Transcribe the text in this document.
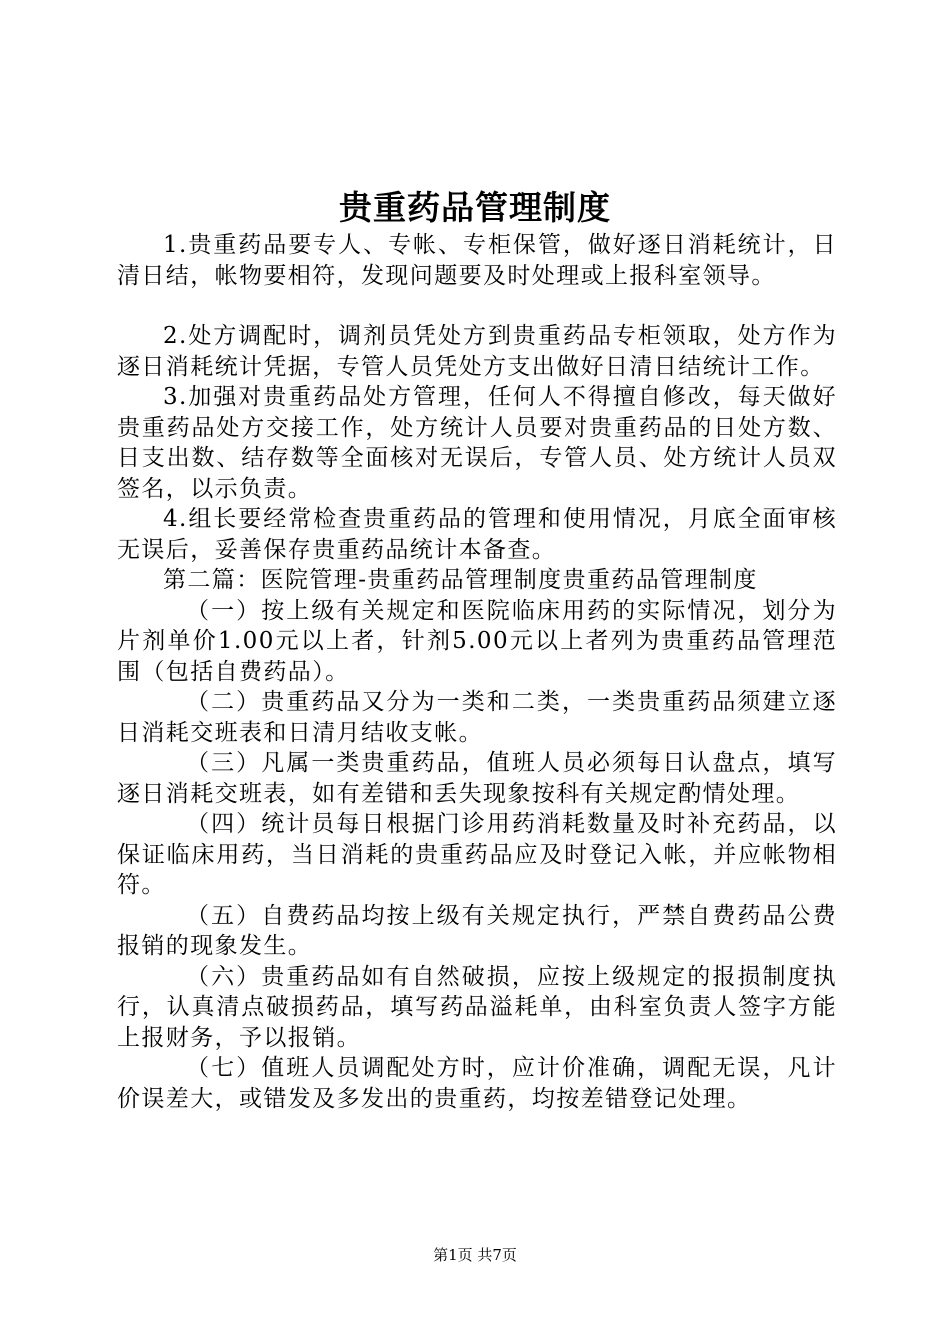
贵重药品管理制度

1.贵重药品要专人、专帐、专柜保管，做好逐日消耗统计，日清日结，帐物要相符，发现问题要及时处理或上报科室领导。

2.处方调配时，调剂员凭处方到贵重药品专柜领取，处方作为逐日消耗统计凭据，专管人员凭处方支出做好日清日结统计工作。

3.加强对贵重药品处方管理，任何人不得擅自修改，每天做好贵重药品处方交接工作，处方统计人员要对贵重药品的日处方数、日支出数、结存数等全面核对无误后，专管人员、处方统计人员双签名，以示负责。

4.组长要经常检查贵重药品的管理和使用情况，月底全面审核无误后，妥善保存贵重药品统计本备查。

第二篇：医院管理-贵重药品管理制度贵重药品管理制度

（一）按上级有关规定和医院临床用药的实际情况，划分为片剂单价1.00元以上者，针剂5.00元以上者列为贵重药品管理范围（包括自费药品）。

（二）贵重药品又分为一类和二类，一类贵重药品须建立逐日消耗交班表和日清月结收支帐。

（三）凡属一类贵重药品，值班人员必须每日认盘点，填写逐日消耗交班表，如有差错和丢失现象按科有关规定酌情处理。

（四）统计员每日根据门诊用药消耗数量及时补充药品，以保证临床用药，当日消耗的贵重药品应及时登记入帐，并应帐物相符。

（五）自费药品均按上级有关规定执行，严禁自费药品公费报销的现象发生。

（六）贵重药品如有自然破损，应按上级规定的报损制度执行，认真清点破损药品，填写药品溢耗单，由科室负责人签字方能上报财务，予以报销。

（七）值班人员调配处方时，应计价准确，调配无误，凡计价误差大，或错发及多发出的贵重药，均按差错登记处理。

第1页 共7页
